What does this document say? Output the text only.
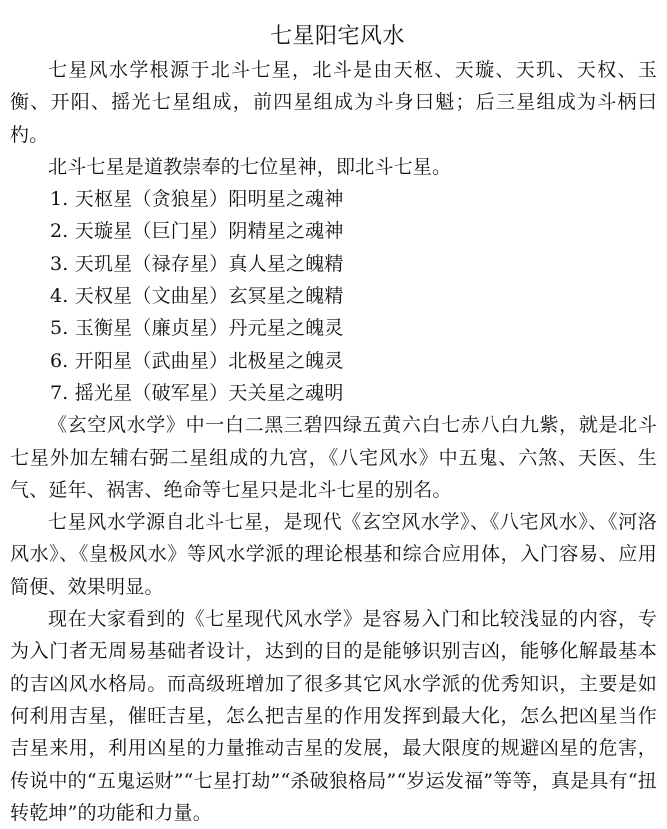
七星阳宅风水

七星风水学根源于北斗七星，北斗是由天枢、天璇、天玑、天权、玉衡、开阳、摇光七星组成，前四星组成为斗身曰魁；后三星组成为斗柄曰杓。

北斗七星是道教崇奉的七位星神，即北斗七星。

1. 天枢星（贪狼星）阳明星之魂神
2. 天璇星（巨门星）阴精星之魂神
3. 天玑星（禄存星）真人星之魄精
4. 天权星（文曲星）玄冥星之魄精
5. 玉衡星（廉贞星）丹元星之魄灵
6. 开阳星（武曲星）北极星之魄灵
7. 摇光星（破军星）天关星之魂明

《玄空风水学》中一白二黑三碧四绿五黄六白七赤八白九紫，就是北斗七星外加左辅右弼二星组成的九宫，《八宅风水》中五鬼、六煞、天医、生气、延年、祸害、绝命等七星只是北斗七星的别名。

七星风水学源自北斗七星，是现代《玄空风水学》、《八宅风水》、《河洛风水》、《皇极风水》等风水学派的理论根基和综合应用体，入门容易、应用简便、效果明显。

现在大家看到的《七星现代风水学》是容易入门和比较浅显的内容，专为入门者无周易基础者设计，达到的目的是能够识别吉凶，能够化解最基本的吉凶风水格局。而高级班增加了很多其它风水学派的优秀知识，主要是如何利用吉星，催旺吉星，怎么把吉星的作用发挥到最大化，怎么把凶星当作吉星来用，利用凶星的力量推动吉星的发展，最大限度的规避凶星的危害，传说中的“五鬼运财”“七星打劫”“杀破狼格局”“岁运发福”等等，真是具有“扭转乾坤”的功能和力量。
